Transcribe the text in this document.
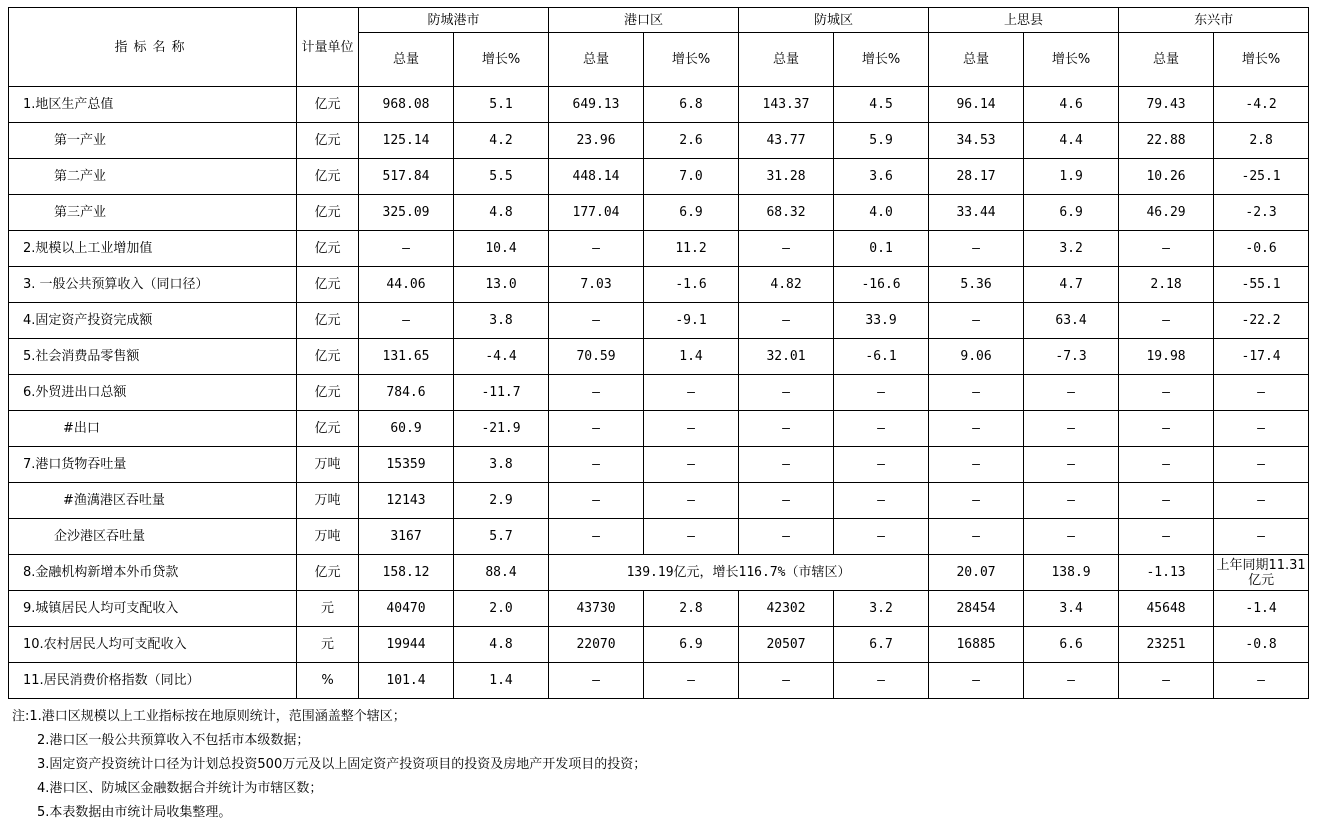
指标名称	计量单位	防城港市		港口区		防城区		上思县		东兴市	
		总量	增长%	总量	增长%	总量	增长%	总量	增长%	总量	增长%
1.地区生产总值	亿元	968.08	5.1	649.13	6.8	143.37	4.5	96.14	4.6	79.43	-4.2
第一产业	亿元	125.14	4.2	23.96	2.6	43.77	5.9	34.53	4.4	22.88	2.8
第二产业	亿元	517.84	5.5	448.14	7.0	31.28	3.6	28.17	1.9	10.26	-25.1
第三产业	亿元	325.09	4.8	177.04	6.9	68.32	4.0	33.44	6.9	46.29	-2.3
2.规模以上工业增加值	亿元	—	10.4	—	11.2	—	0.1	—	3.2	—	-0.6
3. 一般公共预算收入（同口径）	亿元	44.06	13.0	7.03	-1.6	4.82	-16.6	5.36	4.7	2.18	-55.1
4.固定资产投资完成额	亿元	—	3.8	—	-9.1	—	33.9	—	63.4	—	-22.2
5.社会消费品零售额	亿元	131.65	-4.4	70.59	1.4	32.01	-6.1	9.06	-7.3	19.98	-17.4
6.外贸进出口总额	亿元	784.6	-11.7	—	—	—	—	—	—	—	—
#出口	亿元	60.9	-21.9	—	—	—	—	—	—	—	—
7.港口货物吞吐量	万吨	15359	3.8	—	—	—	—	—	—	—	—
#渔澫港区吞吐量	万吨	12143	2.9	—	—	—	—	—	—	—	—
企沙港区吞吐量	万吨	3167	5.7	—	—	—	—	—	—	—	—
8.金融机构新增本外币贷款	亿元	158.12	88.4	139.19亿元，增长116.7%（市辖区）				20.07	138.9	-1.13	上年同期11.31亿元
9.城镇居民人均可支配收入	元	40470	2.0	43730	2.8	42302	3.2	28454	3.4	45648	-1.4
10.农村居民人均可支配收入	元	19944	4.8	22070	6.9	20507	6.7	16885	6.6	23251	-0.8
11.居民消费价格指数（同比）	%	101.4	1.4	—	—	—	—	—	—	—	—
注:1.港口区规模以上工业指标按在地原则统计，范围涵盖整个辖区；
2.港口区一般公共预算收入不包括市本级数据；
3.固定资产投资统计口径为计划总投资500万元及以上固定资产投资项目的投资及房地产开发项目的投资；
4.港口区、防城区金融数据合并统计为市辖区数；
5.本表数据由市统计局收集整理。
